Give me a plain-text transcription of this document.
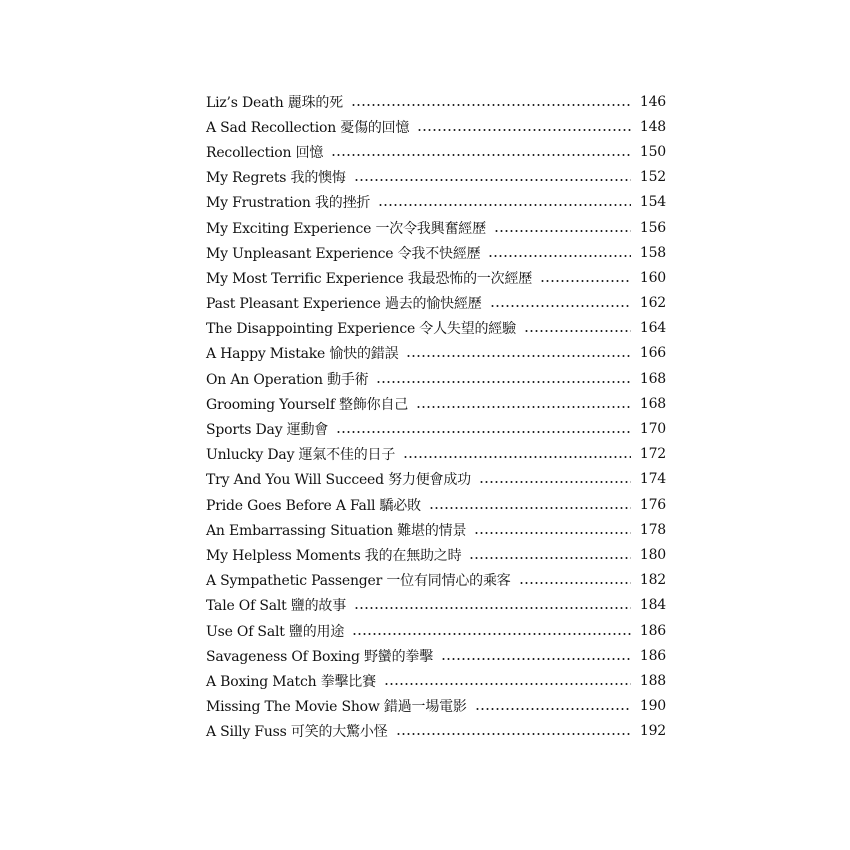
Liz’s Death 麗珠的死	146
A Sad Recollection 憂傷的回憶	148
Recollection 回憶	150
My Regrets 我的懊悔	152
My Frustration 我的挫折	154
My Exciting Experience 一次令我興奮經歷	156
My Unpleasant Experience 令我不快經歷	158
My Most Terrific Experience 我最恐怖的一次經歷	160
Past Pleasant Experience 過去的愉快經歷	162
The Disappointing Experience 令人失望的經驗	164
A Happy Mistake 愉快的錯誤	166
On An Operation 動手術	168
Grooming Yourself 整飾你自己	168
Sports Day 運動會	170
Unlucky Day 運氣不佳的日子	172
Try And You Will Succeed 努力便會成功	174
Pride Goes Before A Fall 驕必敗	176
An Embarrassing Situation 難堪的情景	178
My Helpless Moments 我的在無助之時	180
A Sympathetic Passenger 一位有同情心的乘客	182
Tale Of Salt 鹽的故事	184
Use Of Salt 鹽的用途	186
Savageness Of Boxing 野蠻的拳擊	186
A Boxing Match 拳擊比賽	188
Missing The Movie Show 錯過一場電影	190
A Silly Fuss 可笑的大驚小怪	192
